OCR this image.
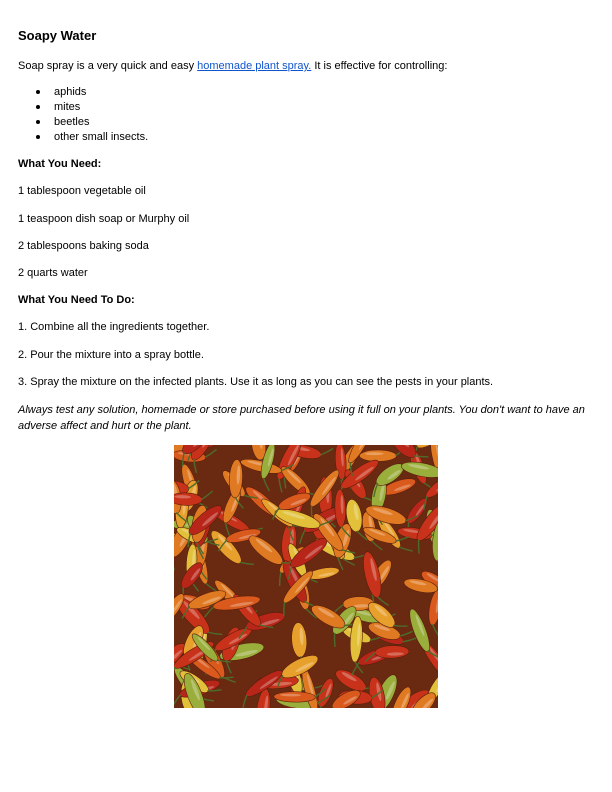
Soapy Water
Soap spray is a very quick and easy homemade plant spray. It is effective for controlling:
aphids
mites
beetles
other small insects.
What You Need:
1 tablespoon vegetable oil
1 teaspoon dish soap or Murphy oil
2 tablespoons baking soda
2 quarts water
What You Need To Do:
1. Combine all the ingredients together.
2. Pour the mixture into a spray bottle.
3. Spray the mixture on the infected plants. Use it as long as you can see the pests in your plants.
Always test any solution, homemade or store purchased before using it full on your plants. You don't want to have an adverse affect and hurt or the plant.
